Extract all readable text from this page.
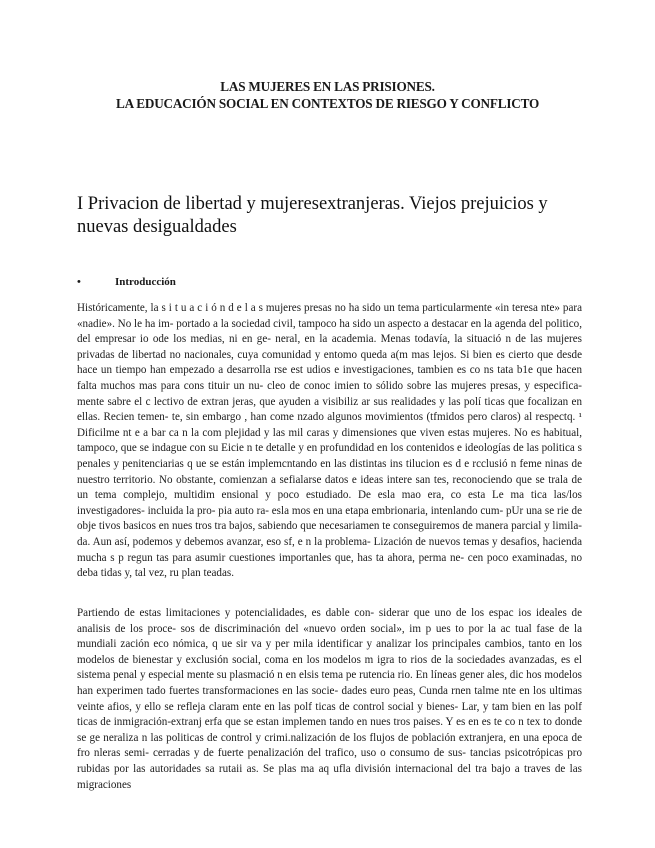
LAS MUJERES EN LAS PRISIONES.
LA EDUCACIÓN SOCIAL EN CONTEXTOS DE RIESGO Y CONFLICTO
I Privacion de libertad y mujeresextranjeras. Viejos prejuicios y nuevas desigualdades
•	Introducción

Históricamente, la s i t u a c i ó n d e l a s mujeres presas no ha sido un tema particularmente «in teresa nte» para «nadie». No le ha im- portado a la sociedad civil, tampoco ha sido un aspecto a destacar en la agenda del politico, del empresar io ode los medias, ni en ge- neral, en la academia. Menas todavía, la situació n de las mujeres privadas de libertad no nacionales, cuya comunidad y entomo queda a(m mas lejos. Si bien es cierto que desde hace un tiempo han empezado a desarrolla rse est udios e investigaciones, tambien es co ns tata b1e que hacen falta muchos mas para cons tituir un nu- cleo de conoc imien to sólido sobre las mujeres presas, y especifica- mente sabre el c lectivo de extran jeras, que ayuden a visibiliz ar sus realidades y las polí ticas que focalizan en ellas. Recien temen- te, sin embargo , han come nzado algunos movimientos (tfmidos pero claros) al respectq. ¹ Dificilme nt e a bar ca n la com plejidad y las mil caras y dimensiones que viven estas mujeres. No es habitual, tampoco, que se indague con su Eicie n te detalle y en profundidad en los contenidos e ideologías de las politica s penales y penitenciarias q ue se están implemcntando en las distintas ins tilucion es d e rcclusió n feme ninas de nuestro territorio. No obstante, comienzan a sefialarse datos e ideas intere san tes, reconociendo que se trala de un tema complejo, multidim ensional y poco estudiado. De esla mao era, co esta Le ma tica las/los investigadores- incluida la pro- pia auto ra- esla mos en una etapa embrionaria, intenlando cum- pUr una se rie de obje tivos basicos en nues tros tra bajos, sabiendo que necesariamen te conseguiremos de manera parcial y limila- da. Aun así, podemos y debemos avanzar, eso sf, e n la problema- Lización de nuevos temas y desafios, hacienda mucha s p regun tas para asumir cuestiones importanles que, has ta ahora, perma ne- cen poco examinadas, no deba tidas y, tal vez, ru plan teadas.

Partiendo de estas limitaciones y potencialidades, es dable con- siderar que uno de los espac ios ideales de analisis de los proce- sos de discriminación del «nuevo orden social», im p ues to por la ac tual fase de la mundiali zación eco nómica, q ue sir va y per mila identificar y analizar los principales cambios, tanto en los modelos de bienestar y exclusión social, coma en los modelos m igra to rios de la sociedades avanzadas, es el sistema penal y especial mente su plasmació n en elsis tema pe rutencia rio. En líneas gener ales, dic hos modelos han experimen tado fuertes transformaciones en las socie- dades euro peas, Cunda rnen talme nte en los ultimas veinte afios, y ello se refleja claram ente en las polf ticas de control social y bienes- Lar, y tam bien en las polf ticas de inmigración-extranj erfa que se estan implemen tando en nues tros paises. Y es en es te co n tex to donde se ge neraliza n las politicas de control y crimi.nalización de los flujos de población extranjera, en una epoca de fro nleras semi- cerradas y de fuerte penalización del trafico, uso o consumo de sus- tancias psicotrópicas pro rubidas por las autoridades sa rutaii as. Se plas ma aq ufla división internacional del tra bajo a traves de las migraciones
